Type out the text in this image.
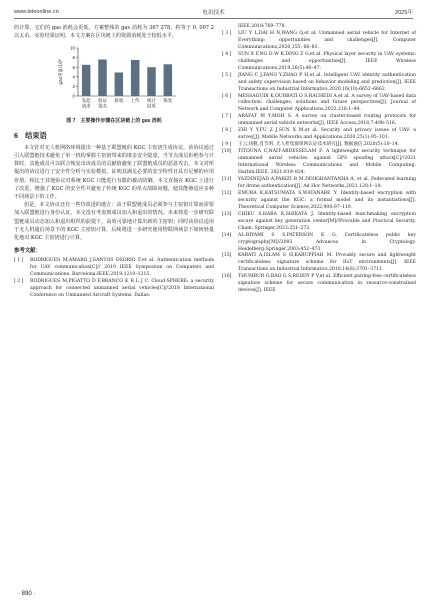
www.teleonline.cn	电讯技术	2025年

的计算，它们的 gas 消耗会更低。方案整体的 gas 消耗为 367 278，约等于 0. 007 2 以太币。实验结果证明，本文方案在区块链上的资源消耗处于较低水平。

0
2
4
6
8
10
gas用量/10⁴
发起请求
验证签名
接收 上传 统计结果
恢复
图 7　主要操作步骤在区块链上的 gas 消耗
6　结束语

本文针对无人机网络环境提出一种基于联盟链的 KGC 主密钥生成协议。该协议通过引入联盟链技术避免了单一机构掌握主密钥带来的诸多安全隐患，当节点成员拒绝参与计算时，其他成员可以联合恢复出该成员的贡献值避免了联盟链成员的恶意攻击。本文对所提出的协议进行了安全性分析与实验模拟，证明其满足必要的安全特性且具有足够的应用价值。相比于其他协议对系统 KGC 只能进行有限的被动防御，本文直接在 KGC 上进行了改进，增强了 KGC 的安全性并避免了传统 KGC 的单点故障问题，使其能够适应多种不同场景下的工作。

但是，本文协议还有一些待改进的地方：由于联盟链成员必须参与主密钥计算而需要加入联盟链进行身份认证，本文没有考虑到成员加入和退出的情况。未来将进一步研究联盟链成员动态加入和退出组织的前提下，高效可靠地计算出新的主密钥；同时该协议适用于无人机通信场景下的 KGC 主密钥计算，后续将进一步研究使用物联网场景下如何轻量化地对 KGC 主密钥进行计算。

参考文献：
[ 1 ]	RODRIGUES M,AMARO J,SANTOS OSORIO F,et al. Authentication methods for UAV communication[C]// 2019 IEEE Symposium on Computers and Communications. Barcelona:IEEE,2019:1210–1215.
[ 2 ]	RODRIGUES M,PIGATTO D F,BRANCO K R L J C. Cloud-SPHERE: a security approach for connected unmanned aerial vehicles[C]//2018 International Conference on Unmanned Aircraft Systems. Dallas:
IEEE,2018:769–778.
[ 3 ]	LIU Y L,DAI H N,WANG Q,et al. Unmanned aerial vehicle for Internet of Everything: opportunities and challenges[J]. Computer Communications,2020,155: 66–83.
[ 4 ]	SUN X F,NG D W K,DING Z G,et al. Physical layer security in UAV systems: challenges and opportunities[J]. IEEE Wireless Communications,2019,26(5):40–47.
[ 5 ]	JIANG C J,FANG Y,ZHAO P H,et al. Intelligent UAV identity authentication and safety supervision based on behavior modeling and prediction[J]. IEEE Transactions on Industrial Informatics,2020,16(10):6652–6662.
[ 6 ]	MESSAOUDI K,OUBBATI O S,RACHEDI A,et al. A survey of UAV-based data collection: challenges, solutions and future perspectives[J]. Journal of Network and Computer Applications,2023,216:1–44.
[ 7 ]	ARAFAT M Y,MOH S. A survey on cluster-based routing protocols for unmanned aerial vehicle networks[J]. IEEE Access,2018,7:498–516.
[ 8 ]	ZHI Y Y,FU Z J,SUN X M,et al. Security and privacy issues of UAV: a survey[J]. Mobile Networks and Applications,2020,25(1):95–101.
[ 9 ]	王云,扬帆,肖节明. 无人机集群组网认证技术研究[J]. 数据通信,2020(5):10–14.
[10]	TITOUNA C,NAIT-ABDESSELAM F. A lightweight security technique for unmanned aerial vehicles against GPS spoofing attack[C]//2021 International Wireless Communications and Mobile Computing. Harbin:IEEE, 2021:819–824.
[11]	YAZDINEJAD A,PARIZI R M,DEHGHANTANHA A, et al. Federated learning for drone authentication[J]. Ad Hoc Networks,2021,120:1–10.
[12]	EMURA K,KATSUMATA S,WATANABE Y. Identity-based encryption with security against the KGC: a formal model and its instantiations[J]. Theoretical Computer Science,2022,900:97–119.
[13]	CHIKU S,HARA K,SHIKATA J. Identity-based matchmaking encryption secure against key generation center[M]//Provable and Practical Security. Cham: Springer,2023:251–273.
[14]	AL-RIYAMI S S,PATERSON K G. Certificateless public key cryptography[M]//2003 Advances in Cryptology. Heidelberg:Springer,2003:452–473.
[15]	KARATI A,ISLAM S H,KARUPPIAH M. Provably secure and lightweight certificateless signature scheme for IIoT environments[J]. IEEE Transactions on Industrial Informatics,2018,14(8):3701–3711.
[16]	THUMBUR G,RAO G S,REDDY P V,et al. Efficient pairing-free certificateless signature scheme for secure communication in resource-constrained devices[J]. IEEE
· 890 ·
